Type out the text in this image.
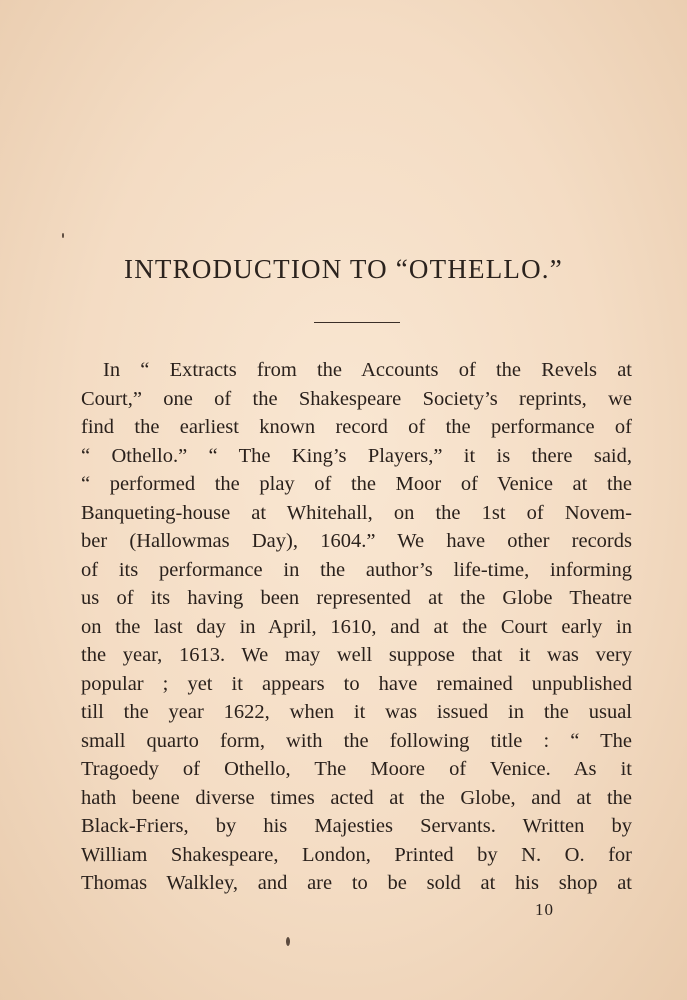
INTRODUCTION TO “OTHELLO.”
In “ Extracts from the Accounts of the Revels at
Court,” one of the Shakespeare Society’s reprints, we
find the earliest known record of the performance of
“ Othello.” “ The King’s Players,” it is there said,
“ performed the play of the Moor of Venice at the
Banqueting-house at Whitehall, on the 1st of Novem-
ber (Hallowmas Day), 1604.” We have other records
of its performance in the author’s life-time, informing
us of its having been represented at the Globe Theatre
on the last day in April, 1610, and at the Court early in
the year, 1613. We may well suppose that it was very
popular ; yet it appears to have remained unpublished
till the year 1622, when it was issued in the usual
small quarto form, with the following title : “ The
Tragoedy of Othello, The Moore of Venice. As it
hath beene diverse times acted at the Globe, and at the
Black-Friers, by his Majesties Servants. Written by
William Shakespeare, London, Printed by N. O. for
Thomas Walkley, and are to be sold at his shop at
10
